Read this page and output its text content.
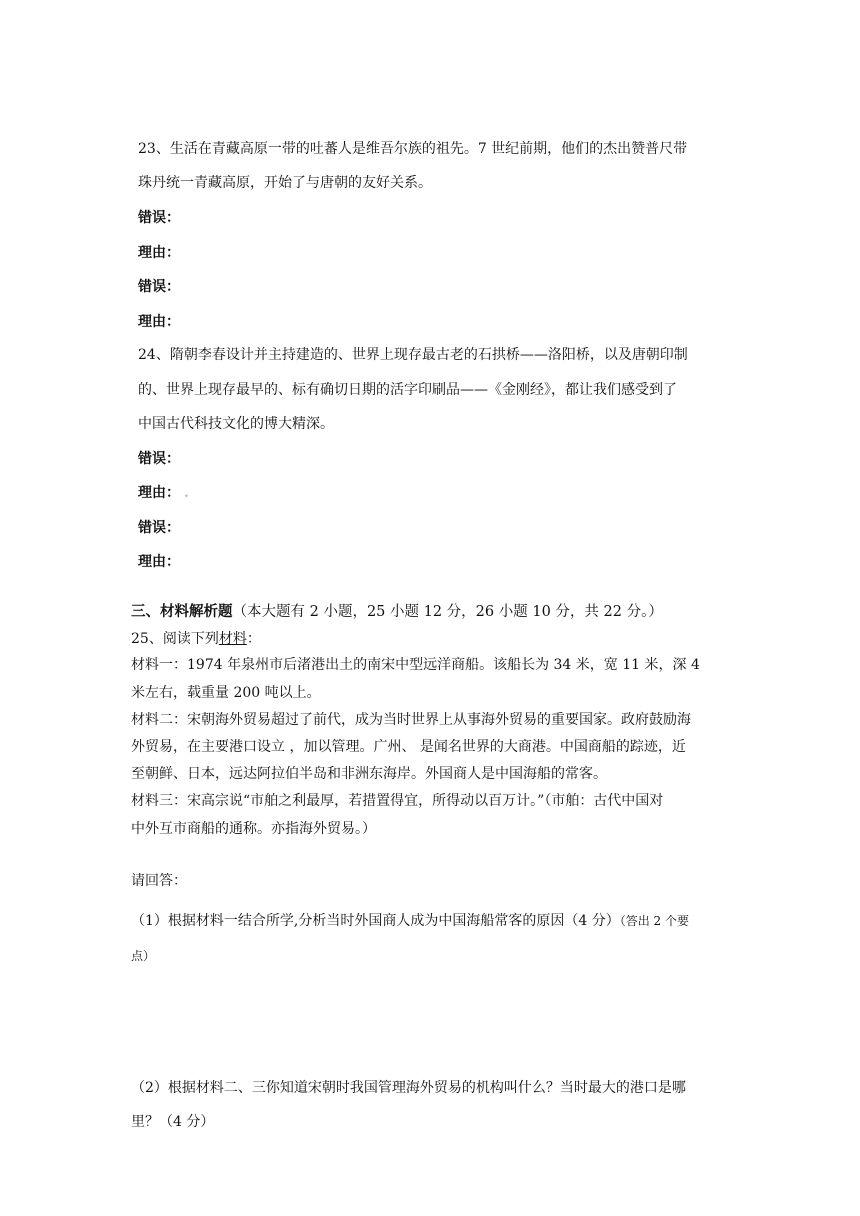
23、生活在青藏高原一带的吐蕃人是维吾尔族的祖先。7 世纪前期，他们的杰出赞普尺带
珠丹统一青藏高原，开始了与唐朝的友好关系。
错误：
理由：
错误：
理由：
24、隋朝李春设计并主持建造的、世界上现存最古老的石拱桥——洛阳桥，以及唐朝印制
的、世界上现存最早的、标有确切日期的活字印刷品——《金刚经》，都让我们感受到了
中国古代科技文化的博大精深。
错误：
理由： .
错误：
理由：
三、材料解析题（本大题有 2 小题，25 小题 12 分，26 小题 10 分，共 22 分。）
25、阅读下列材料：
材料一：1974 年泉州市后渚港出土的南宋中型远洋商船。该船长为 34 米，宽 11 米，深 4
米左右，载重量 200 吨以上。
材料二：宋朝海外贸易超过了前代，成为当时世界上从事海外贸易的重要国家。政府鼓励海
外贸易，在主要港口设立 ，加以管理。广州、 是闻名世界的大商港。中国商船的踪迹，近
至朝鲜、日本，远达阿拉伯半岛和非洲东海岸。外国商人是中国海船的常客。
材料三：宋高宗说“市舶之利最厚，若措置得宜，所得动以百万计。”（市舶：古代中国对
中外互市商船的通称。亦指海外贸易。）
请回答：
（1）根据材料一结合所学,分析当时外国商人成为中国海船常客的原因（4 分）（答出 2 个要
点）
（2）根据材料二、三你知道宋朝时我国管理海外贸易的机构叫什么？当时最大的港口是哪
里？（4 分）
